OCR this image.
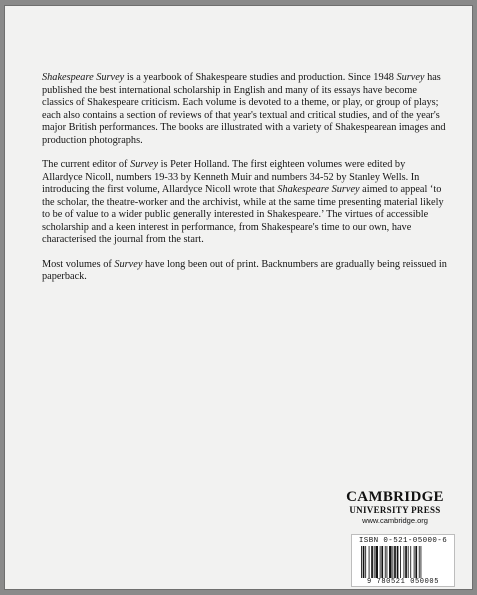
Shakespeare Survey is a yearbook of Shakespeare studies and production. Since 1948 Survey has published the best international scholarship in English and many of its essays have become classics of Shakespeare criticism. Each volume is devoted to a theme, or play, or group of plays; each also contains a section of reviews of that year's textual and critical studies, and of the year's major British performances. The books are illustrated with a variety of Shakespearean images and production photographs.

The current editor of Survey is Peter Holland. The first eighteen volumes were edited by Allardyce Nicoll, numbers 19-33 by Kenneth Muir and numbers 34-52 by Stanley Wells. In introducing the first volume, Allardyce Nicoll wrote that Shakespeare Survey aimed to appeal ‘to the scholar, the theatre-worker and the archivist, while at the same time presenting material likely to be of value to a wider public generally interested in Shakespeare.’ The virtues of accessible scholarship and a keen interest in performance, from Shakespeare's time to our own, have characterised the journal from the start.

Most volumes of Survey have long been out of print. Backnumbers are gradually being reissued in paperback.

CAMBRIDGE
UNIVERSITY PRESS
www.cambridge.org
ISBN 0-521-05000-6
9 780521 050005
